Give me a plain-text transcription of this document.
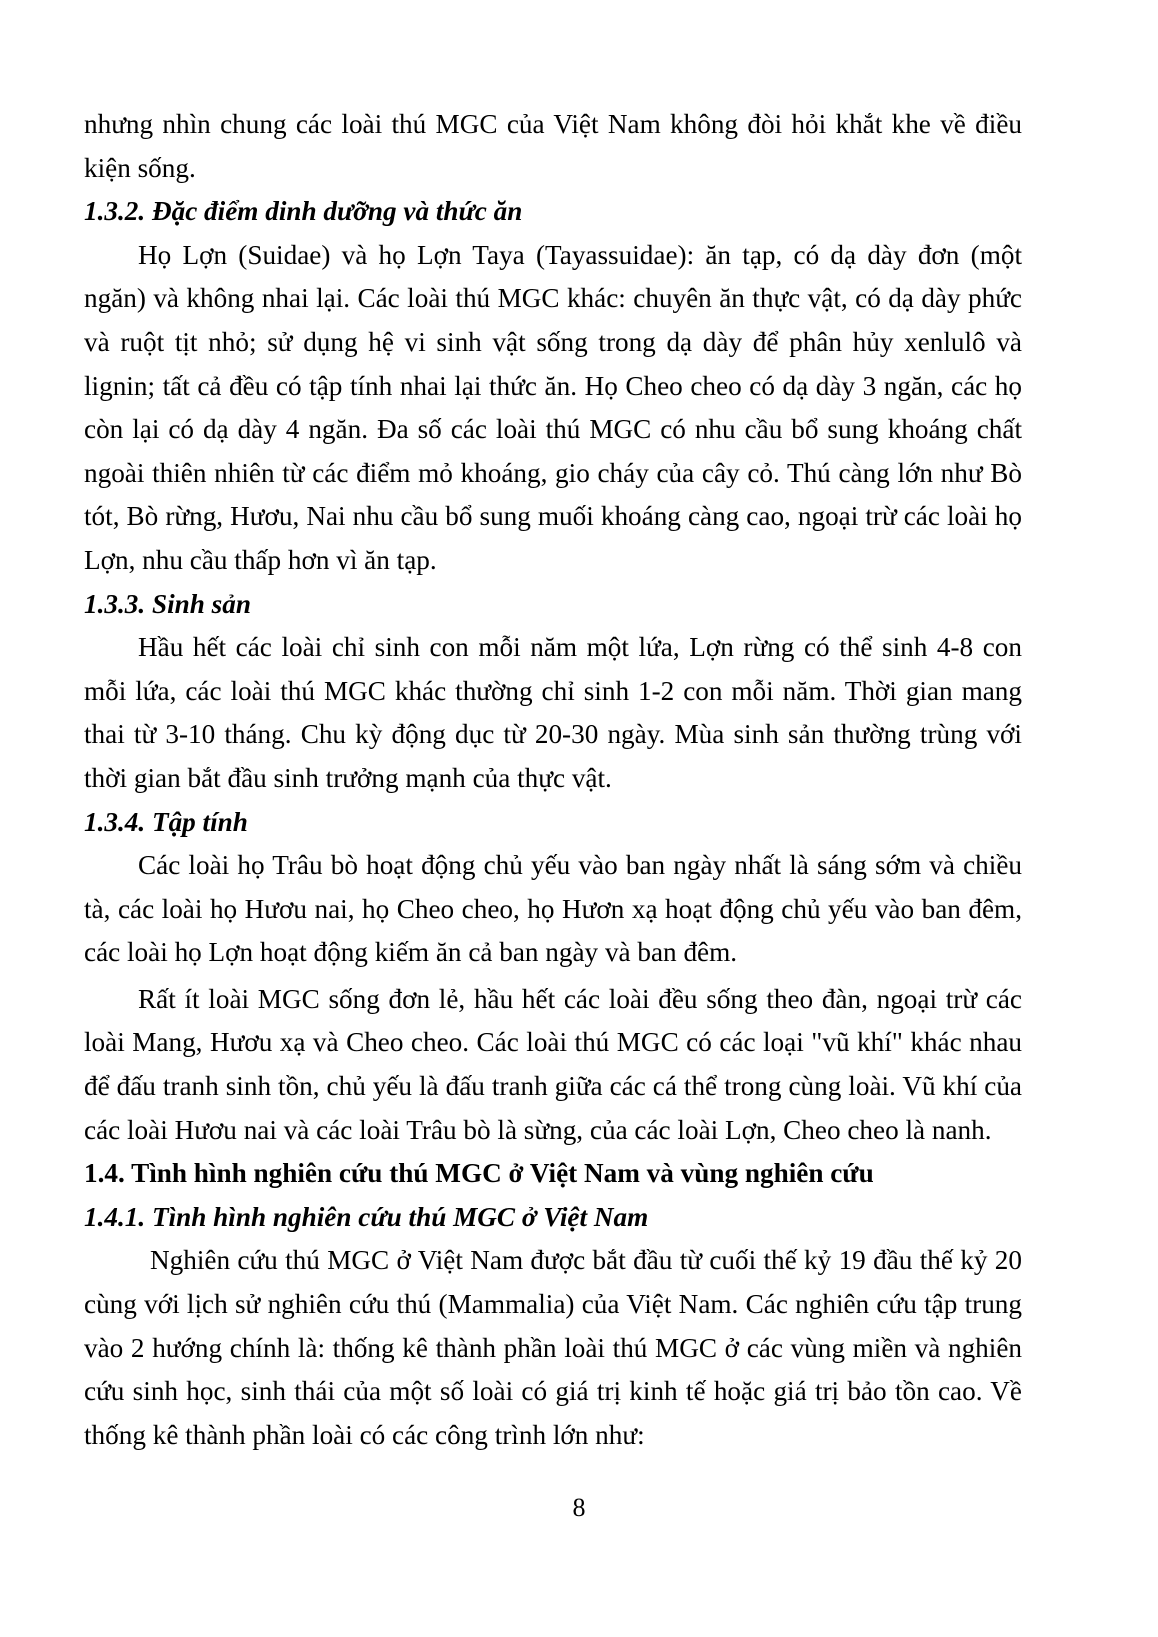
nhưng nhìn chung các loài thú MGC của Việt Nam không đòi hỏi khắt khe về điều kiện sống.

1.3.2. Đặc điểm dinh dưỡng và thức ăn

Họ Lợn (Suidae) và họ Lợn Taya (Tayassuidae): ăn tạp, có dạ dày đơn (một ngăn) và không nhai lại. Các loài thú MGC khác: chuyên ăn thực vật, có dạ dày phức và ruột tịt nhỏ; sử dụng hệ vi sinh vật sống trong dạ dày để phân hủy xenlulô và lignin; tất cả đều có tập tính nhai lại thức ăn. Họ Cheo cheo có dạ dày 3 ngăn, các họ còn lại có dạ dày 4 ngăn. Đa số các loài thú MGC có nhu cầu bổ sung khoáng chất ngoài thiên nhiên từ các điểm mỏ khoáng, gio cháy của cây cỏ. Thú càng lớn như Bò tót, Bò rừng, Hươu, Nai nhu cầu bổ sung muối khoáng càng cao, ngoại trừ các loài họ Lợn, nhu cầu thấp hơn vì ăn tạp.

1.3.3. Sinh sản

Hầu hết các loài chỉ sinh con mỗi năm một lứa, Lợn rừng có thể sinh 4-8 con mỗi lứa, các loài thú MGC khác thường chỉ sinh 1-2 con mỗi năm. Thời gian mang thai từ 3-10 tháng. Chu kỳ động dục từ 20-30 ngày. Mùa sinh sản thường trùng với thời gian bắt đầu sinh trưởng mạnh của thực vật.

1.3.4. Tập tính

Các loài họ Trâu bò hoạt động chủ yếu vào ban ngày nhất là sáng sớm và chiều tà, các loài họ Hươu nai, họ Cheo cheo, họ Hươn xạ hoạt động chủ yếu vào ban đêm, các loài họ Lợn hoạt động kiếm ăn cả ban ngày và ban đêm.

Rất ít loài MGC sống đơn lẻ, hầu hết các loài đều sống theo đàn, ngoại trừ các loài Mang, Hươu xạ và Cheo cheo. Các loài thú MGC có các loại "vũ khí" khác nhau để đấu tranh sinh tồn, chủ yếu là đấu tranh giữa các cá thể trong cùng loài. Vũ khí của các loài Hươu nai và các loài Trâu bò là sừng, của các loài Lợn, Cheo cheo là nanh.

1.4. Tình hình nghiên cứu thú MGC ở Việt Nam và vùng nghiên cứu
1.4.1. Tình hình nghiên cứu thú MGC ở Việt Nam

Nghiên cứu thú MGC ở Việt Nam được bắt đầu từ cuối thế kỷ 19 đầu thế kỷ 20 cùng với lịch sử nghiên cứu thú (Mammalia) của Việt Nam. Các nghiên cứu tập trung vào 2 hướng chính là: thống kê thành phần loài thú MGC ở các vùng miền và nghiên cứu sinh học, sinh thái của một số loài có giá trị kinh tế hoặc giá trị bảo tồn cao. Về thống kê thành phần loài có các công trình lớn như:

8
